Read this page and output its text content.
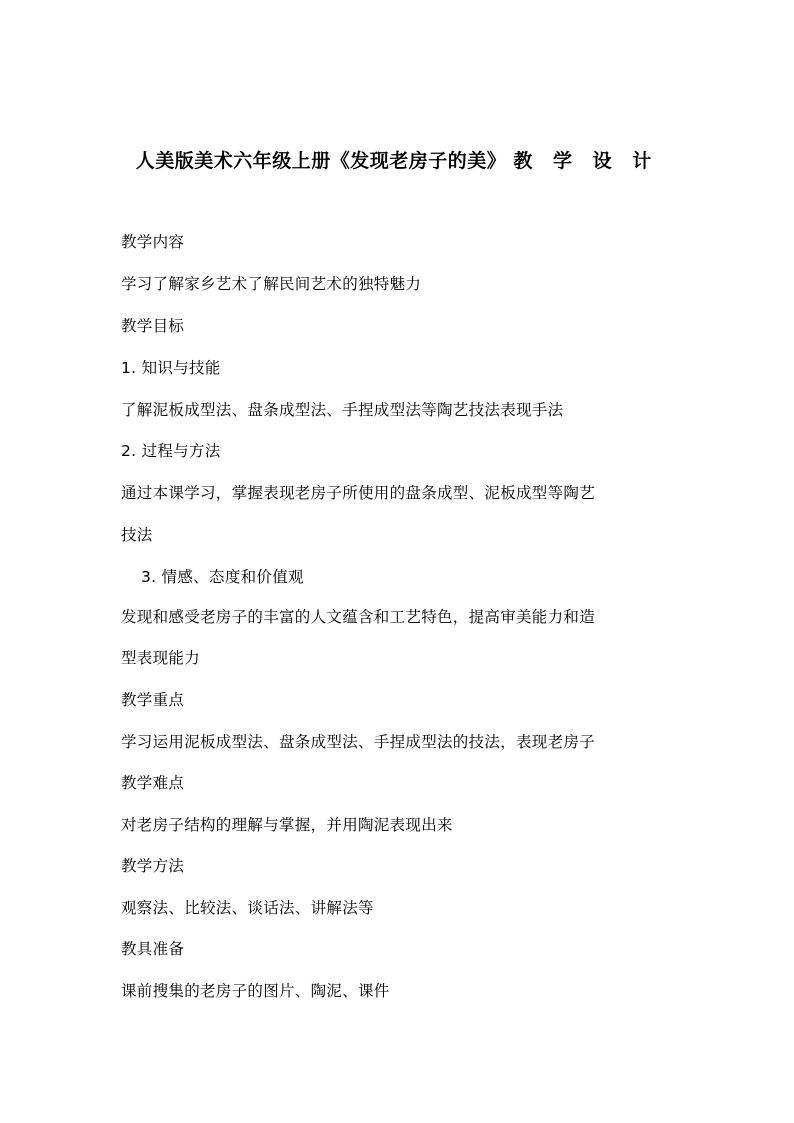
人美版美术六年级上册《发现老房子的美》 教 学 设 计
教学内容
学习了解家乡艺术了解民间艺术的独特魅力
教学目标
1. 知识与技能
了解泥板成型法、盘条成型法、手捏成型法等陶艺技法表现手法
2. 过程与方法
通过本课学习，掌握表现老房子所使用的盘条成型、泥板成型等陶艺
技法
3. 情感、态度和价值观
发现和感受老房子的丰富的人文蕴含和工艺特色，提高审美能力和造
型表现能力
教学重点
学习运用泥板成型法、盘条成型法、手捏成型法的技法，表现老房子
教学难点
对老房子结构的理解与掌握，并用陶泥表现出来
教学方法
观察法、比较法、谈话法、讲解法等
教具准备
课前搜集的老房子的图片、陶泥、课件
